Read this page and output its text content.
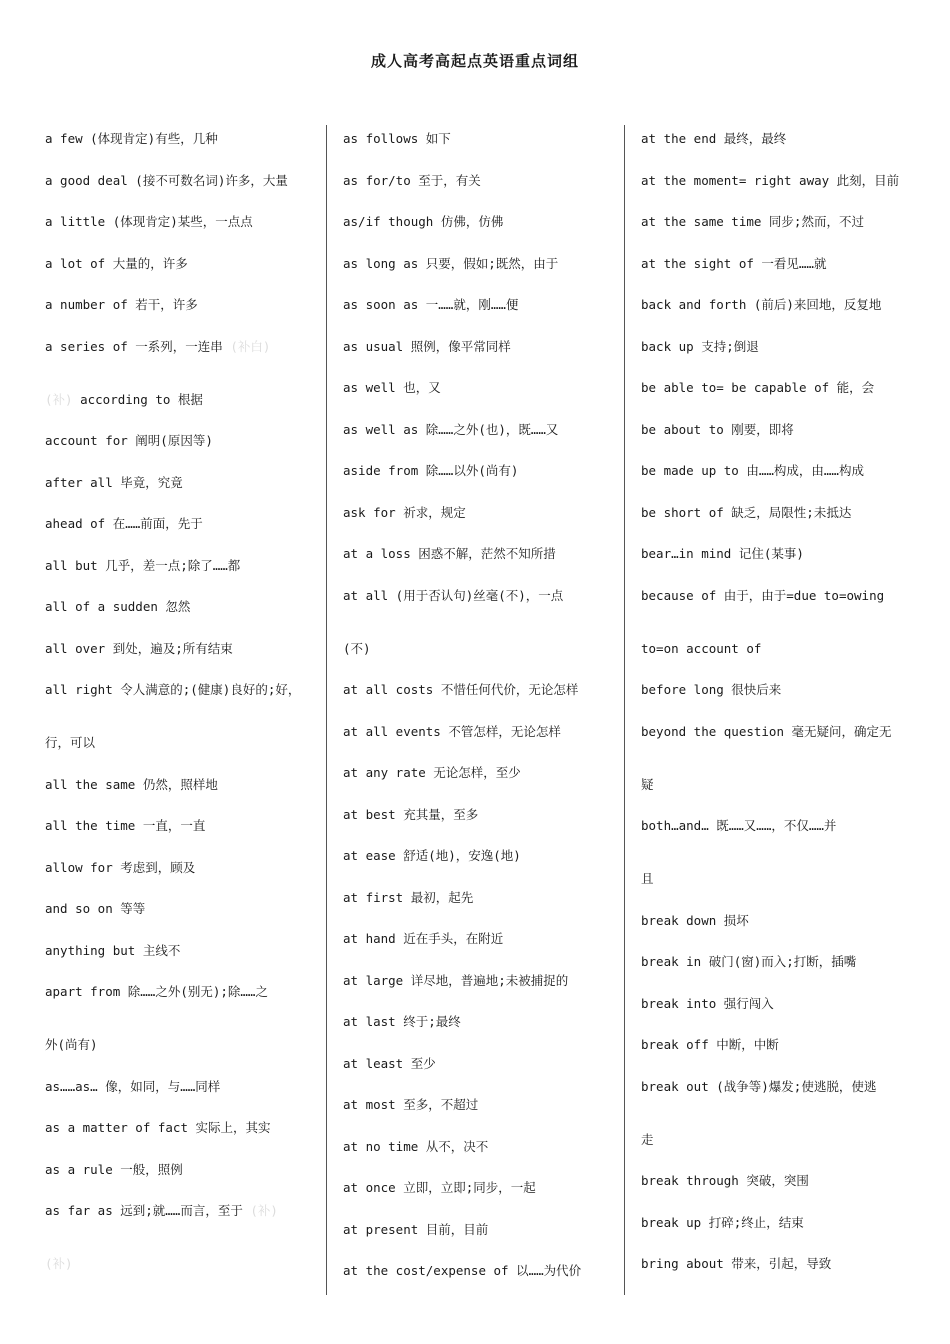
成人高考高起点英语重点词组
a few (体现肯定)有些，几种
a good deal (接不可数名词)许多，大量
a little (体现肯定)某些，一点点
a lot of 大量的，许多
a number of 若干，许多
a series of 一系列，一连串 (补白)
(补) according to 根据
account for 阐明(原因等)
after all 毕竟，究竟
ahead of 在……前面，先于
all but 几乎，差一点;除了……都
all of a sudden 忽然
all over 到处，遍及;所有结束
all right 令人满意的;(健康)良好的;好，
行，可以
all the same 仍然，照样地
all the time 一直，一直
allow for 考虑到，顾及
and so on 等等
anything but 主线不
apart from 除……之外(别无);除……之
外(尚有)
as……as… 像，如同，与……同样
as a matter of fact 实际上，其实
as a rule 一般，照例
as far as 远到;就……而言，至于 (补)
(补)
as follows 如下
as for/to 至于，有关
as/if though 仿佛，仿佛
as long as 只要，假如;既然，由于
as soon as 一……就，刚……便
as usual 照例，像平常同样
as well 也，又
as well as 除……之外(也)，既……又
aside from 除……以外(尚有)
ask for 祈求，规定
at a loss 困惑不解，茫然不知所措
at all (用于否认句)丝毫(不)，一点
(不)
at all costs 不惜任何代价，无论怎样
at all events 不管怎样，无论怎样
at any rate 无论怎样，至少
at best 充其量，至多
at ease 舒适(地)，安逸(地)
at first 最初，起先
at hand 近在手头，在附近
at large 详尽地，普遍地;未被捕捉的
at last 终于;最终
at least 至少
at most 至多，不超过
at no time 从不，决不
at once 立即，立即;同步，一起
at present 目前，目前
at the cost/expense of 以……为代价
at the end 最终，最终
at the moment= right away 此刻，目前
at the same time 同步;然而，不过
at the sight of 一看见……就
back and forth (前后)来回地，反复地
back up 支持;倒退
be able to= be capable of 能，会
be about to 刚要，即将
be made up to 由……构成，由……构成
be short of 缺乏，局限性;未抵达
bear…in mind 记住(某事)
because of 由于，由于=due to=owing
to=on account of
before long 很快后来
beyond the question 毫无疑问，确定无
疑
both…and… 既……又……，不仅……并
且
break down 损坏
break in 破门(窗)而入;打断，插嘴
break into 强行闯入
break off 中断，中断
break out (战争等)爆发;使逃脱，使逃
走
break through 突破，突围
break up 打碎;终止，结束
bring about 带来，引起，导致
